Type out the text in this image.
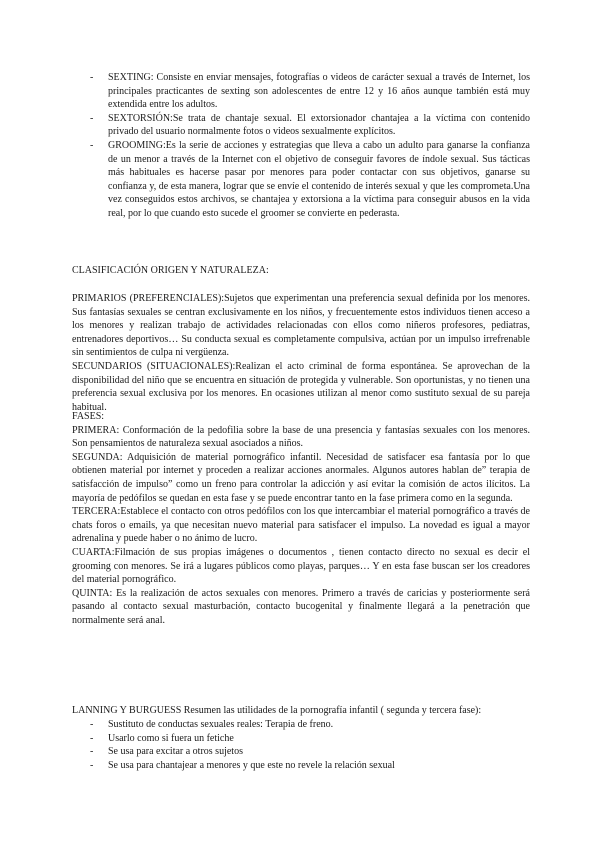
- SEXTING: Consiste en enviar mensajes, fotografías o videos de carácter sexual a través de Internet, los principales practicantes de sexting son adolescentes de entre 12 y 16 años aunque también está muy extendida entre los adultos.
- SEXTORSIÓN:Se trata de chantaje sexual. El extorsionador chantajea a la víctima con contenido privado del usuario normalmente fotos o videos sexualmente explícitos.
- GROOMING:Es la serie de acciones y estrategias que lleva a cabo un adulto para ganarse la confianza de un menor a través de la Internet con el objetivo de conseguir favores de índole sexual. Sus tácticas más habituales es hacerse pasar por menores para poder contactar con sus objetivos, ganarse su confianza y, de esta manera, lograr que se envíe el contenido de interés sexual y que les comprometa.Una vez conseguidos estos archivos, se chantajea y extorsiona a la víctima para conseguir abusos en la vida real, por lo que cuando esto sucede el groomer se convierte en pederasta.

CLASIFICACIÓN ORIGEN Y NATURALEZA:

PRIMARIOS (PREFERENCIALES):Sujetos que experimentan una preferencia sexual definida por los menores. Sus fantasías sexuales se centran exclusivamente en los niños, y frecuentemente estos individuos tienen acceso a los menores y realizan trabajo de actividades relacionadas con ellos como niñeros profesores, pediatras, entrenadores deportivos… Su conducta sexual es completamente compulsiva, actúan por un impulso irrefrenable sin sentimientos de culpa ni vergüenza.

SECUNDARIOS (SITUACIONALES):Realizan el acto criminal de forma espontánea. Se aprovechan de la disponibilidad del niño que se encuentra en situación de protegida y vulnerable. Son oportunistas, y no tienen una preferencia sexual exclusiva por los menores. En ocasiones utilizan al menor como sustituto sexual de su pareja habitual.

FASES:

PRIMERA: Conformación de la pedofilia sobre la base de una presencia y fantasías sexuales con los menores. Son pensamientos de naturaleza sexual asociados a niños.

SEGUNDA: Adquisición de material pornográfico infantil. Necesidad de satisfacer esa fantasía por lo que obtienen material por internet y proceden a realizar acciones anormales. Algunos autores hablan de” terapia de satisfacción de impulso” como un freno para controlar la adicción y así evitar la comisión de actos ilícitos. La mayoría de pedófilos se quedan en esta fase y se puede encontrar tanto en la fase primera como en la segunda.

TERCERA:Establece el contacto con otros pedófilos con los que intercambiar el material pornográfico a través de chats foros o emails, ya que necesitan nuevo material para satisfacer el impulso. La novedad es igual a mayor adrenalina y puede haber o no ánimo de lucro.

CUARTA:Filmación de sus propias imágenes o documentos , tienen contacto directo no sexual es decir el grooming con menores. Se irá a lugares públicos como playas, parques… Y en esta fase buscan ser los creadores del material pornográfico.

QUINTA: Es la realización de actos sexuales con menores. Primero a través de caricias y posteriormente será pasando al contacto sexual masturbación, contacto bucogenital y finalmente llegará a la penetración que normalmente será anal.

LANNING Y BURGUESS Resumen las utilidades de la pornografía infantil ( segunda y tercera fase):

- Sustituto de conductas sexuales reales: Terapia de freno.
- Usarlo como si fuera un fetiche
- Se usa para excitar a otros sujetos
- Se usa para chantajear a menores y que este no revele la relación sexual
